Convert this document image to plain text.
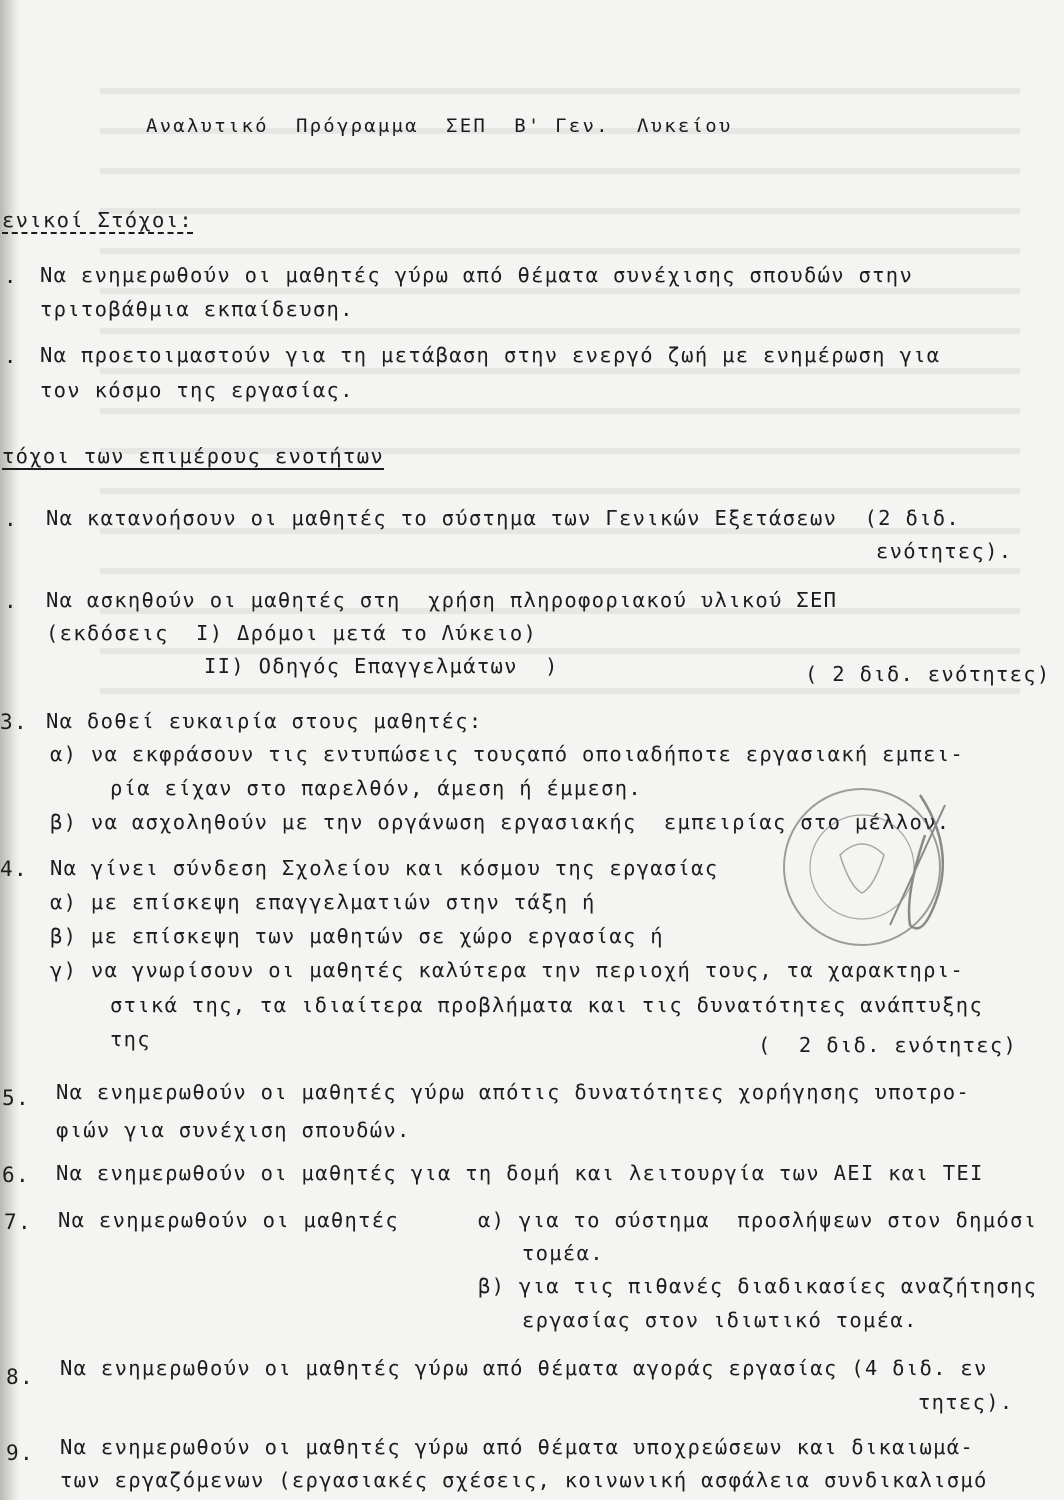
Αναλυτικό  Πρόγραμμα  ΣΕΠ  Β' Γεν.  Λυκείου
ενικοί Στόχοι:
. Να ενημερωθούν οι μαθητές γύρω από θέματα συνέχισης σπουδών στην
τριτοβάθμια εκπαίδευση.
. Να προετοιμαστούν για τη μετάβαση στην ενεργό ζωή με ενημέρωση για
τον κόσμο της εργασίας.
τόχοι των επιμέρους ενοτήτων
. Να κατανοήσουν οι μαθητές το σύστημα των Γενικών Εξετάσεων  (2 διδ.
ενότητες).
. Να ασκηθούν οι μαθητές στη  χρήση πληροφοριακού υλικού ΣΕΠ
(εκδόσεις  Ι) Δρόμοι μετά το Λύκειο)
ΙΙ) Οδηγός Επαγγελμάτων  )	( 2 διδ. ενότητες)
3. Να δοθεί ευκαιρία στους μαθητές:
α) να εκφράσουν τις εντυπώσεις τουςαπό οποιαδήποτε εργασιακή εμπει-
ρία είχαν στο παρελθόν, άμεση ή έμμεση.
β) να ασχοληθούν με την οργάνωση εργασιακής  εμπειρίας στο μέλλον.
4. Να γίνει σύνδεση Σχολείου και κόσμου της εργασίας
α) με επίσκεψη επαγγελματιών στην τάξη ή
β) με επίσκεψη των μαθητών σε χώρο εργασίας ή
γ) να γνωρίσουν οι μαθητές καλύτερα την περιοχή τους, τα χαρακτηρι-
στικά της, τα ιδιαίτερα προβλήματα και τις δυνατότητες ανάπτυξης
της	(  2 διδ. ενότητες)
5. Να ενημερωθούν οι μαθητές γύρω απότις δυνατότητες χορήγησης υποτρο-
φιών για συνέχιση σπουδών.
6. Να ενημερωθούν οι μαθητές για τη δομή και λειτουργία των ΑΕΙ και ΤΕΙ
7. Να ενημερωθούν οι μαθητές	α) για το σύστημα  προσλήψεων στον δημόσι
τομέα.
β) για τις πιθανές διαδικασίες αναζήτησης
εργασίας στον ιδιωτικό τομέα.
8. Να ενημερωθούν οι μαθητές γύρω από θέματα αγοράς εργασίας (4 διδ. εν
τητες).
9. Να ενημερωθούν οι μαθητές γύρω από θέματα υποχρεώσεων και δικαιωμά-
των εργαζόμενων (εργασιακές σχέσεις, κοινωνική ασφάλεια συνδικαλισμό
